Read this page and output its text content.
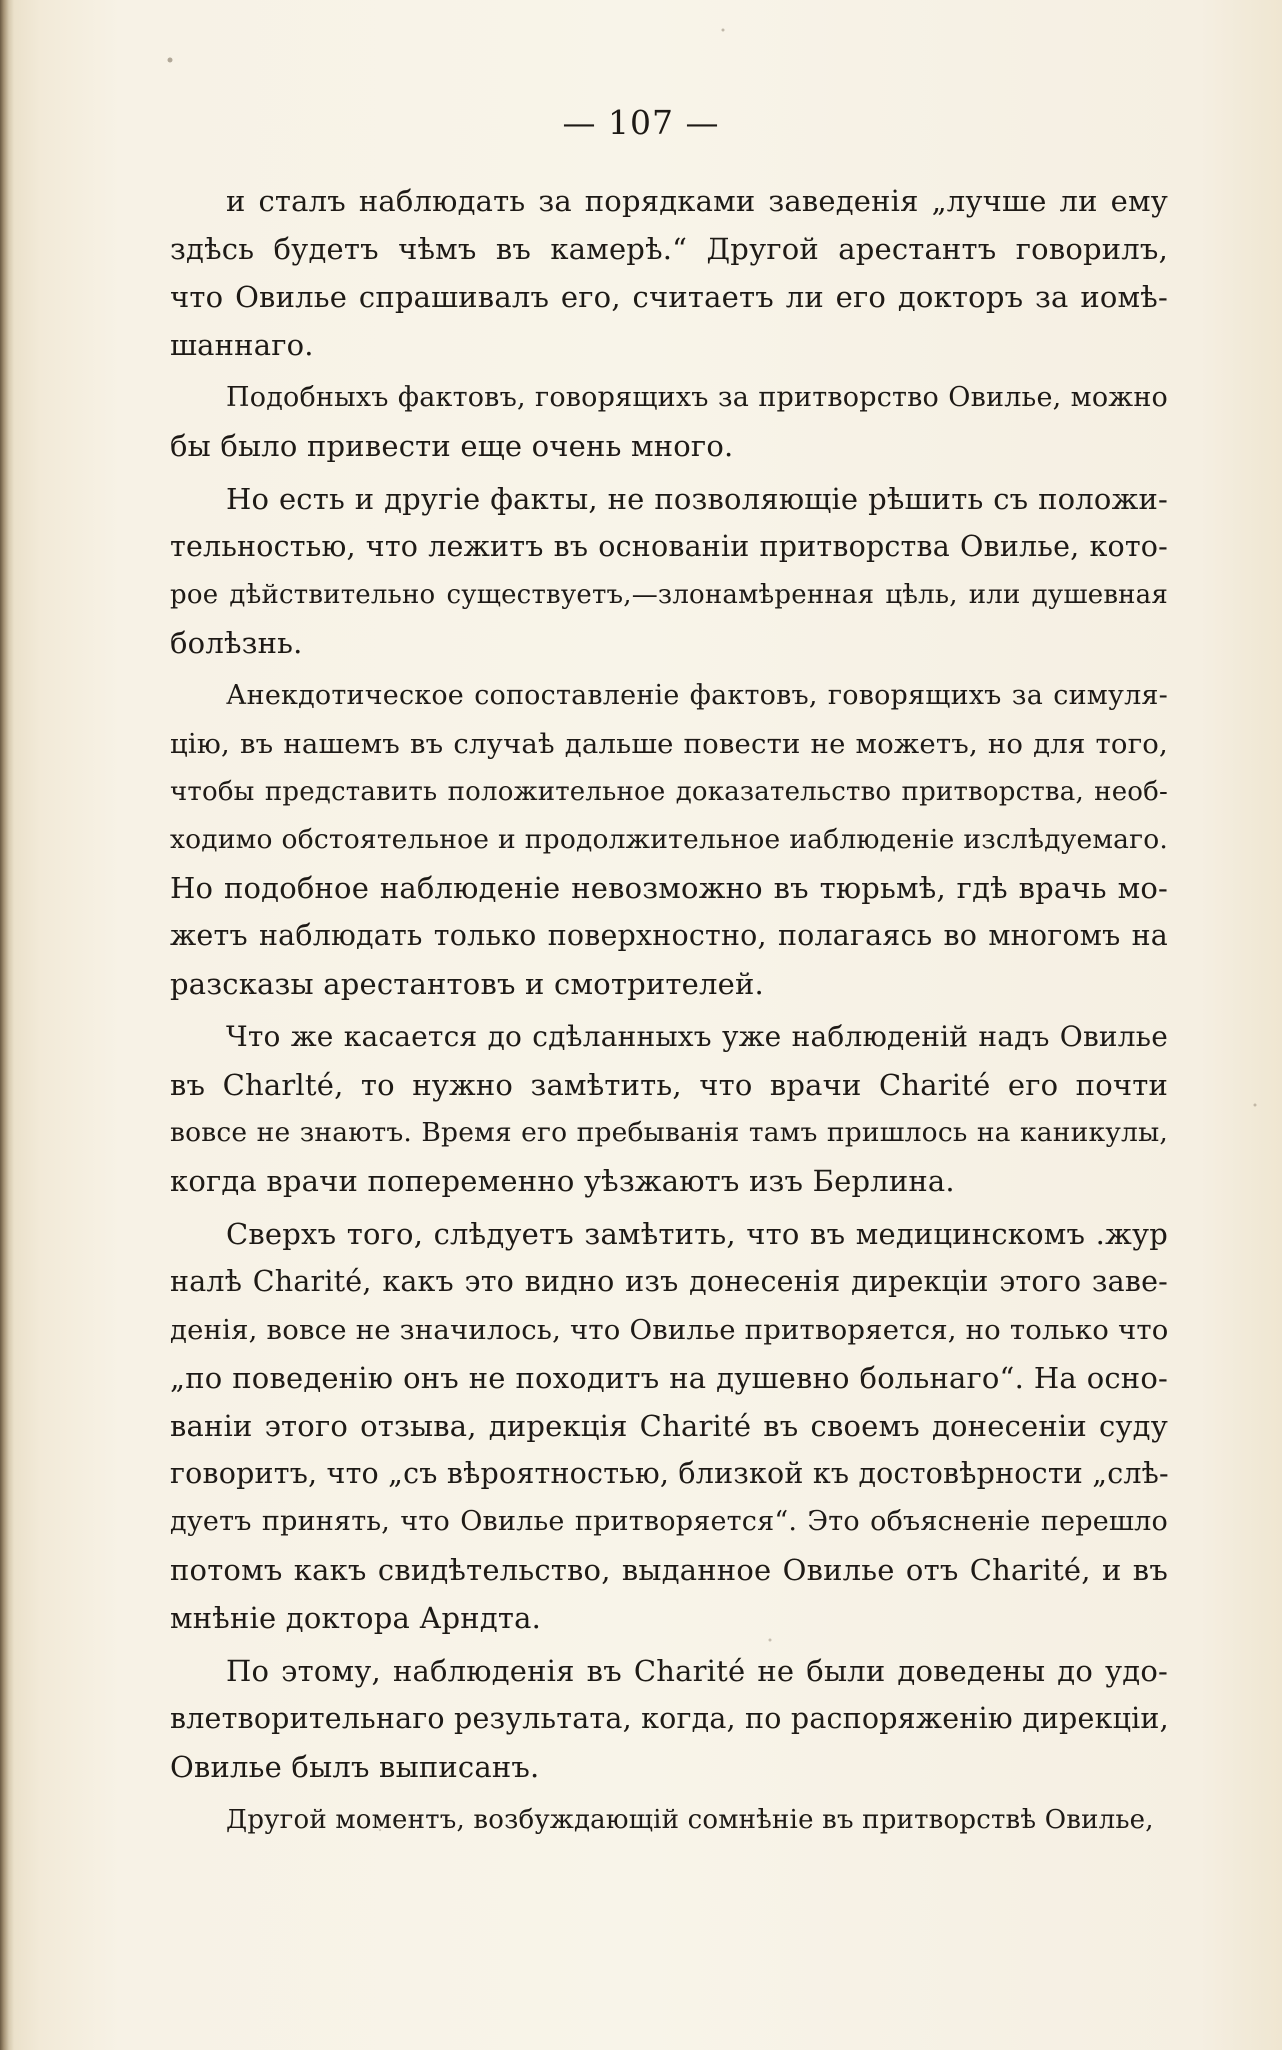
— 107 —

и сталъ наблюдать за порядками заведенія „лучше ли ему
здѣсь будетъ чѣмъ въ камерѣ.“ Другой арестантъ говорилъ,
что Овилье спрашивалъ его, считаетъ ли его докторъ за иомѣ-
шаннаго.

Подобныхъ фактовъ, говорящихъ за притворство Овилье, можно
бы было привести еще очень много.

Но есть и другіе факты, не позволяющіе рѣшить съ положи-
тельностью, что лежитъ въ основаніи притворства Овилье, кото-
рое дѣйствительно существуетъ,—злонамѣренная цѣль, или душевная
болѣзнь.

Анекдотическое сопоставленіе фактовъ, говорящихъ за симуля-
цію, въ нашемъ въ случаѣ дальше повести не можетъ, но для того,
чтобы представить положительное доказательство притворства, необ-
ходимо обстоятельное и продолжительное иаблюденіе изслѣдуемаго.
Но подобное наблюденіе невозможно въ тюрьмѣ, гдѣ врачь мо-
жетъ наблюдать только поверхностно, полагаясь во многомъ на
разсказы арестантовъ и смотрителей.

Что же касается до сдѣланныхъ уже наблюденій надъ Овилье
въ Charlté, то нужно замѣтить, что врачи Charité его почти
вовсе не знаютъ. Время его пребыванія тамъ пришлось на каникулы,
когда врачи попеременно уѣзжаютъ изъ Берлина.

Сверхъ того, слѣдуетъ замѣтить, что въ медицинскомъ .жур
налѣ Charité, какъ это видно изъ донесенія дирекціи этого заве-
денія, вовсе не значилось, что Овилье притворяется, но только что
„по поведенію онъ не походитъ на душевно больнаго“. На осно-
ваніи этого отзыва, дирекція Charité въ своемъ донесеніи суду
говоритъ, что „съ вѣроятностью, близкой къ достовѣрности „слѣ-
дуетъ принять, что Овилье притворяется“. Это объясненіе перешло
потомъ какъ свидѣтельство, выданное Овилье отъ Charité, и въ
мнѣніе доктора Арндта.

По этому, наблюденія въ Charité не были доведены до удо-
влетворительнаго результата, когда, по распоряженію дирекціи,
Овилье былъ выписанъ.

Другой моментъ, возбуждающій сомнѣніе въ притворствѣ Овилье,
